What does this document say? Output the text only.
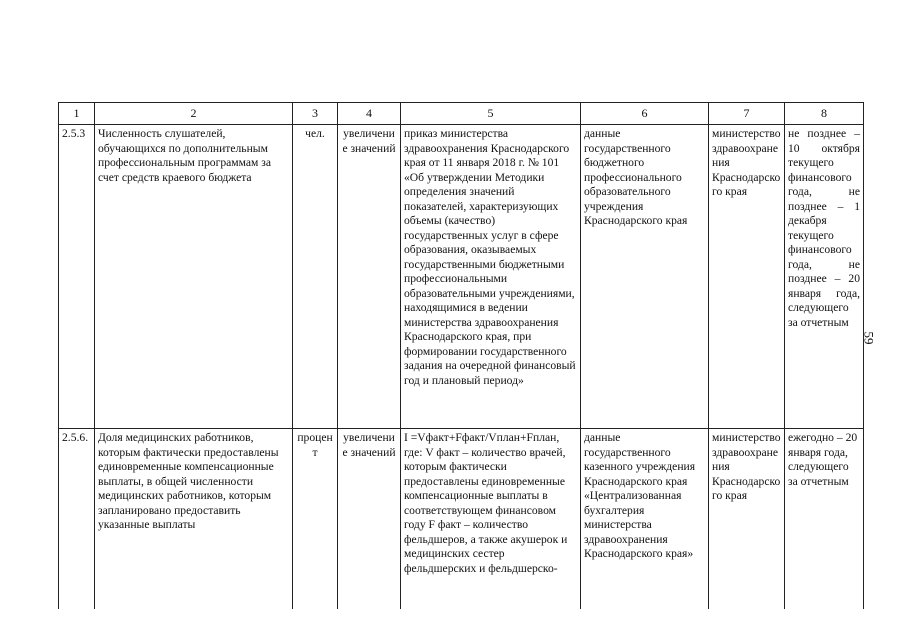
59
1	2	3	4	5	6	7	8
2.5.3	Численность слушателей, обучающихся по дополнительным профессиональным программам за счет средств краевого бюджета	чел.	увеличение значений	приказ министерства здравоохранения Краснодарского края от 11 января 2018 г. № 101 «Об утверждении Методики определения значений показателей, характеризующих объемы (качество) государственных услуг в сфере образования, оказываемых государственными бюджетными профессиональными образовательными учреждениями, находящимися в ведении министерства здравоохранения Краснодарского края, при формировании государственного задания на очередной финансовый год и плановый период»	данные государственного бюджетного профессионального образовательного учреждения Краснодарского края	министерство здравоохранения Краснодарского края	не позднее – 10 октября текущего финансового года, не позднее – 1 декабря текущего финансового года, не позднее – 20 января года, следующего за отчетным
2.5.6.	Доля медицинских работников, которым фактически предоставлены единовременные компенсационные выплаты, в общей численности медицинских работников, которым запланировано предоставить указанные выплаты	процент	увеличение значений	I =Vфакт+Fфакт/Vплан+Fплан, где: V факт – количество врачей, которым фактически предоставлены единовременные компенсационные выплаты в соответствующем финансовом году F факт – количество фельдшеров, а также акушерок и медицинских сестер фельдшерских и фельдшерско-	данные государственного казенного учреждения Краснодарского края «Централизованная бухгалтерия министерства здравоохранения Краснодарского края»	министерство здравоохранения Краснодарского края	ежегодно – 20 января года, следующего за отчетным
